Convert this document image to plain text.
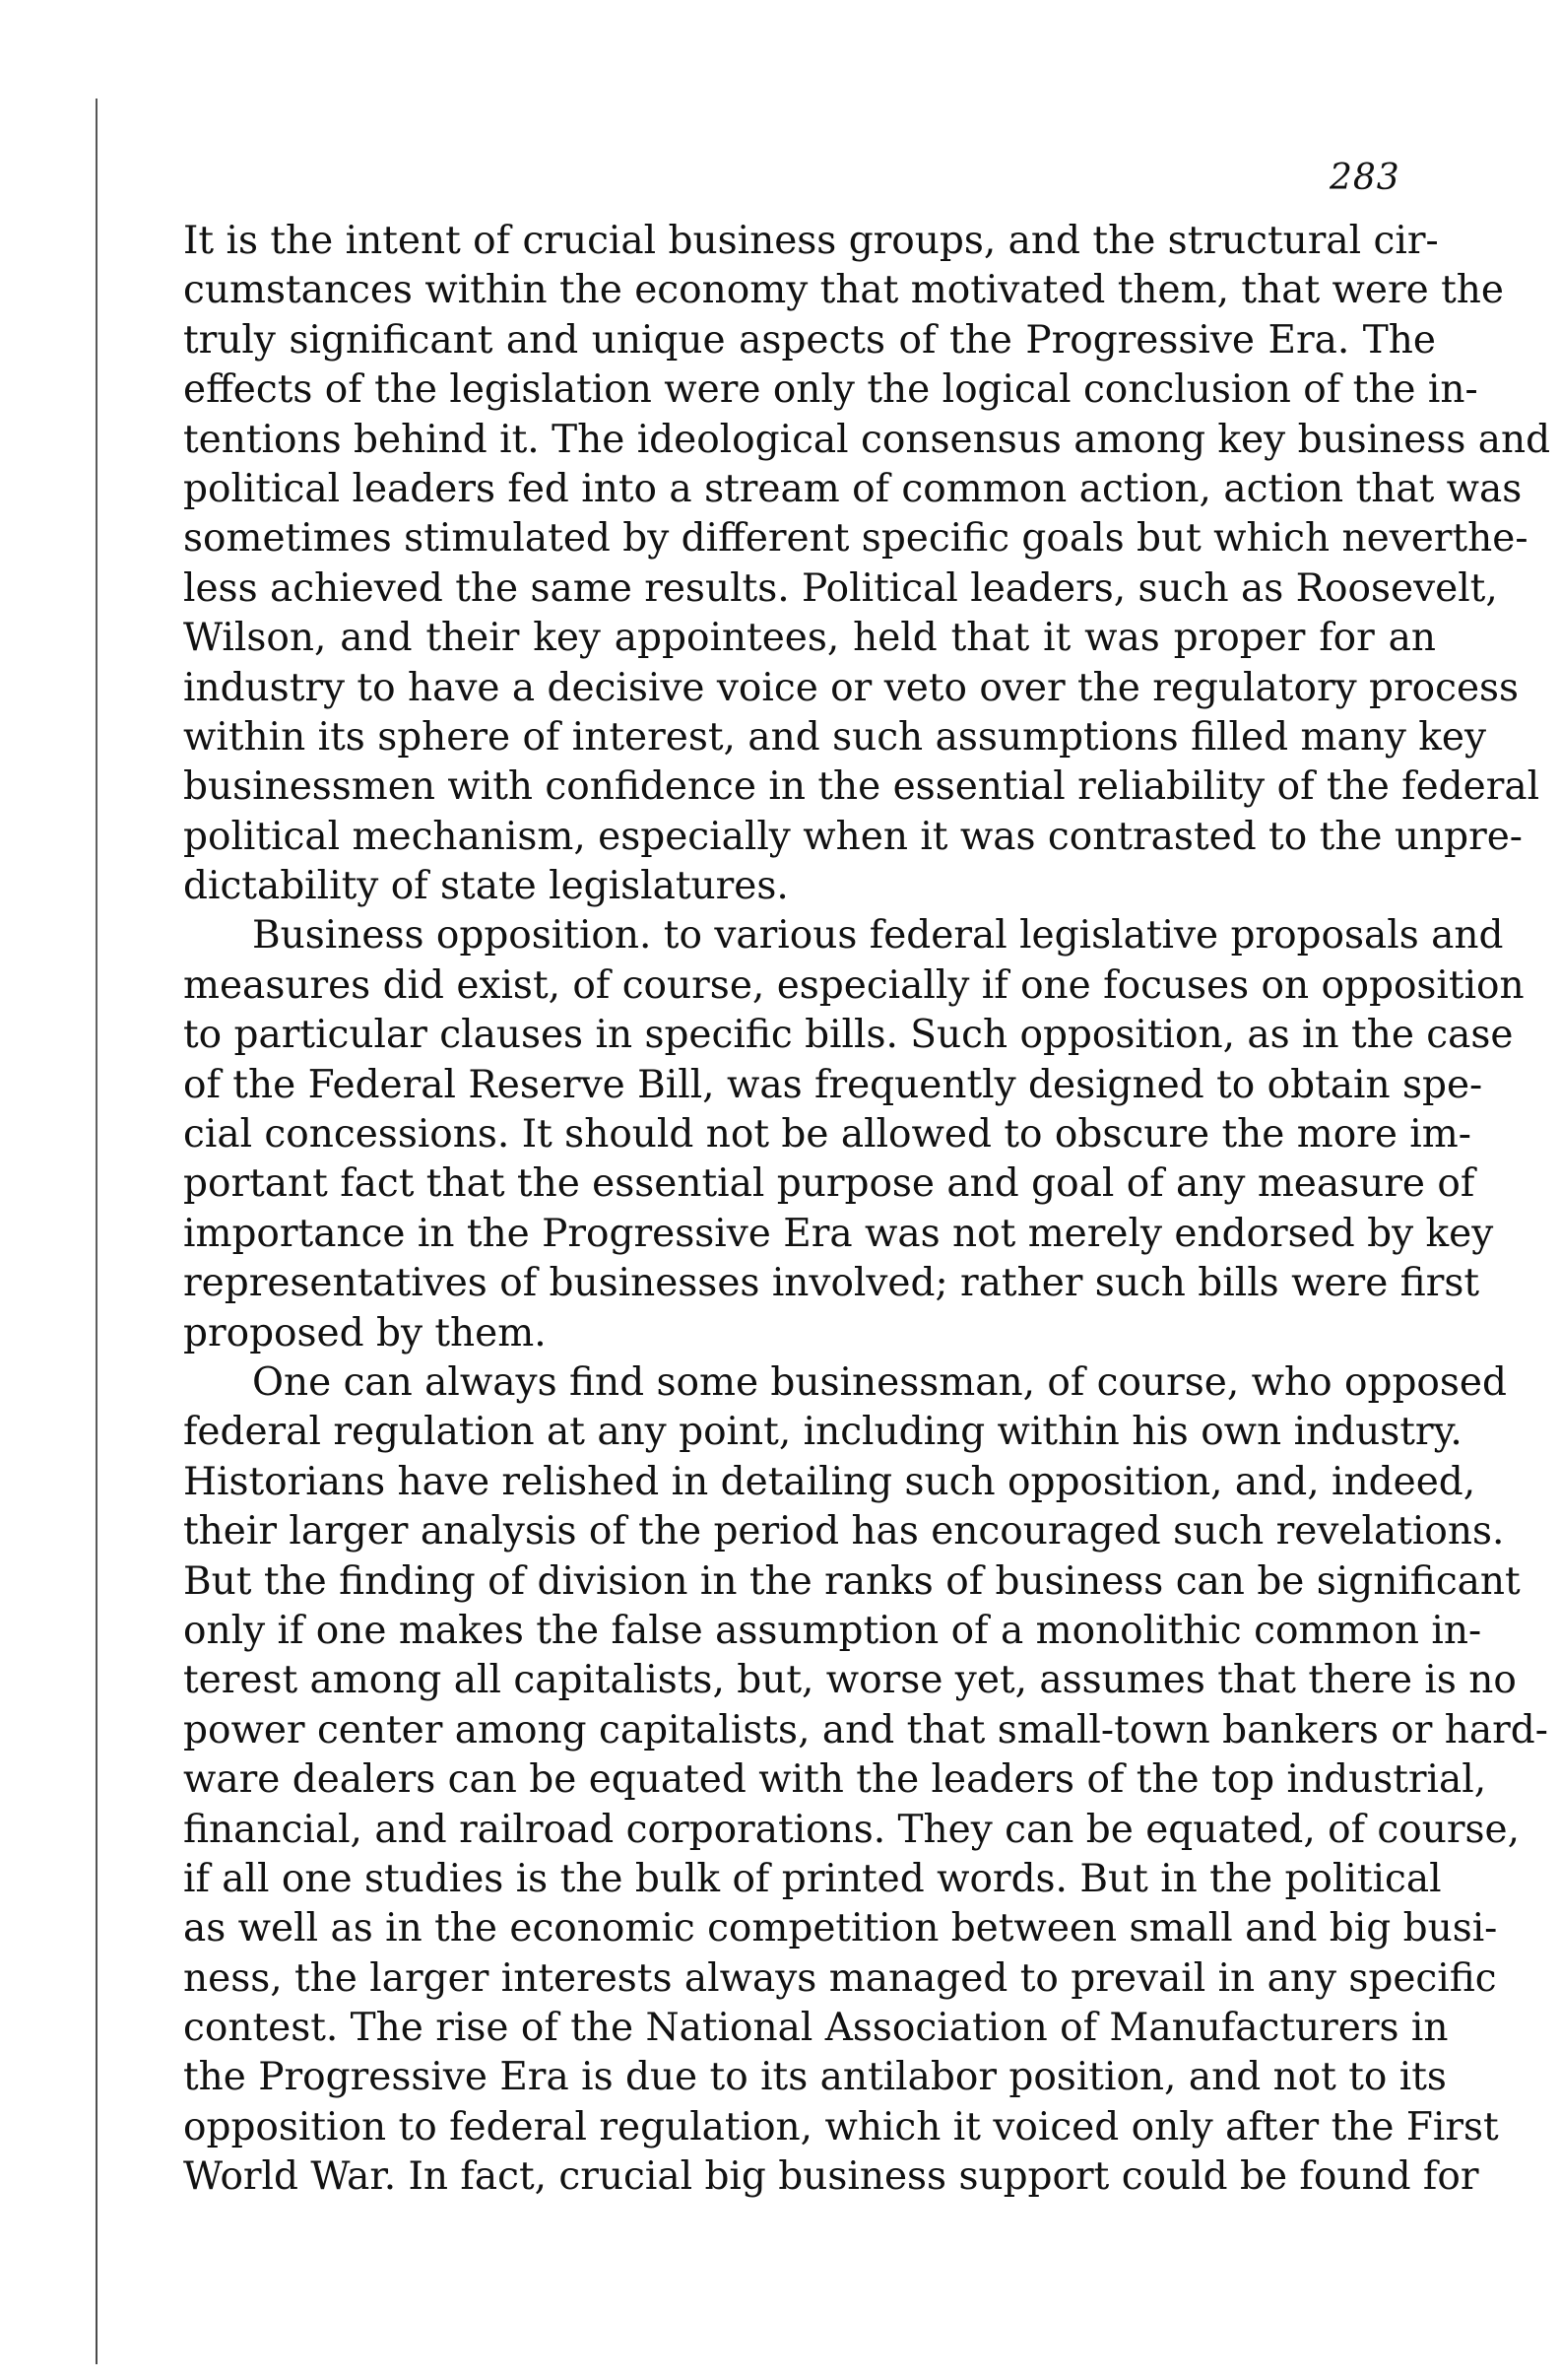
283
It is the intent of crucial business groups, and the structural cir-
cumstances within the economy that motivated them, that were the
truly significant and unique aspects of the Progressive Era. The
effects of the legislation were only the logical conclusion of the in-
tentions behind it. The ideological consensus among key business and
political leaders fed into a stream of common action, action that was
sometimes stimulated by different specific goals but which neverthe-
less achieved the same results. Political leaders, such as Roosevelt,
Wilson, and their key appointees, held that it was proper for an
industry to have a decisive voice or veto over the regulatory process
within its sphere of interest, and such assumptions filled many key
businessmen with confidence in the essential reliability of the federal
political mechanism, especially when it was contrasted to the unpre-
dictability of state legislatures.
Business opposition. to various federal legislative proposals and
measures did exist, of course, especially if one focuses on opposition
to particular clauses in specific bills. Such opposition, as in the case
of the Federal Reserve Bill, was frequently designed to obtain spe-
cial concessions. It should not be allowed to obscure the more im-
portant fact that the essential purpose and goal of any measure of
importance in the Progressive Era was not merely endorsed by key
representatives of businesses involved; rather such bills were first
proposed by them.
One can always find some businessman, of course, who opposed
federal regulation at any point, including within his own industry.
Historians have relished in detailing such opposition, and, indeed,
their larger analysis of the period has encouraged such revelations.
But the finding of division in the ranks of business can be significant
only if one makes the false assumption of a monolithic common in-
terest among all capitalists, but, worse yet, assumes that there is no
power center among capitalists, and that small-town bankers or hard-
ware dealers can be equated with the leaders of the top industrial,
financial, and railroad corporations. They can be equated, of course,
if all one studies is the bulk of printed words. But in the political
as well as in the economic competition between small and big busi-
ness, the larger interests always managed to prevail in any specific
contest. The rise of the National Association of Manufacturers in
the Progressive Era is due to its antilabor position, and not to its
opposition to federal regulation, which it voiced only after the First
World War. In fact, crucial big business support could be found for
